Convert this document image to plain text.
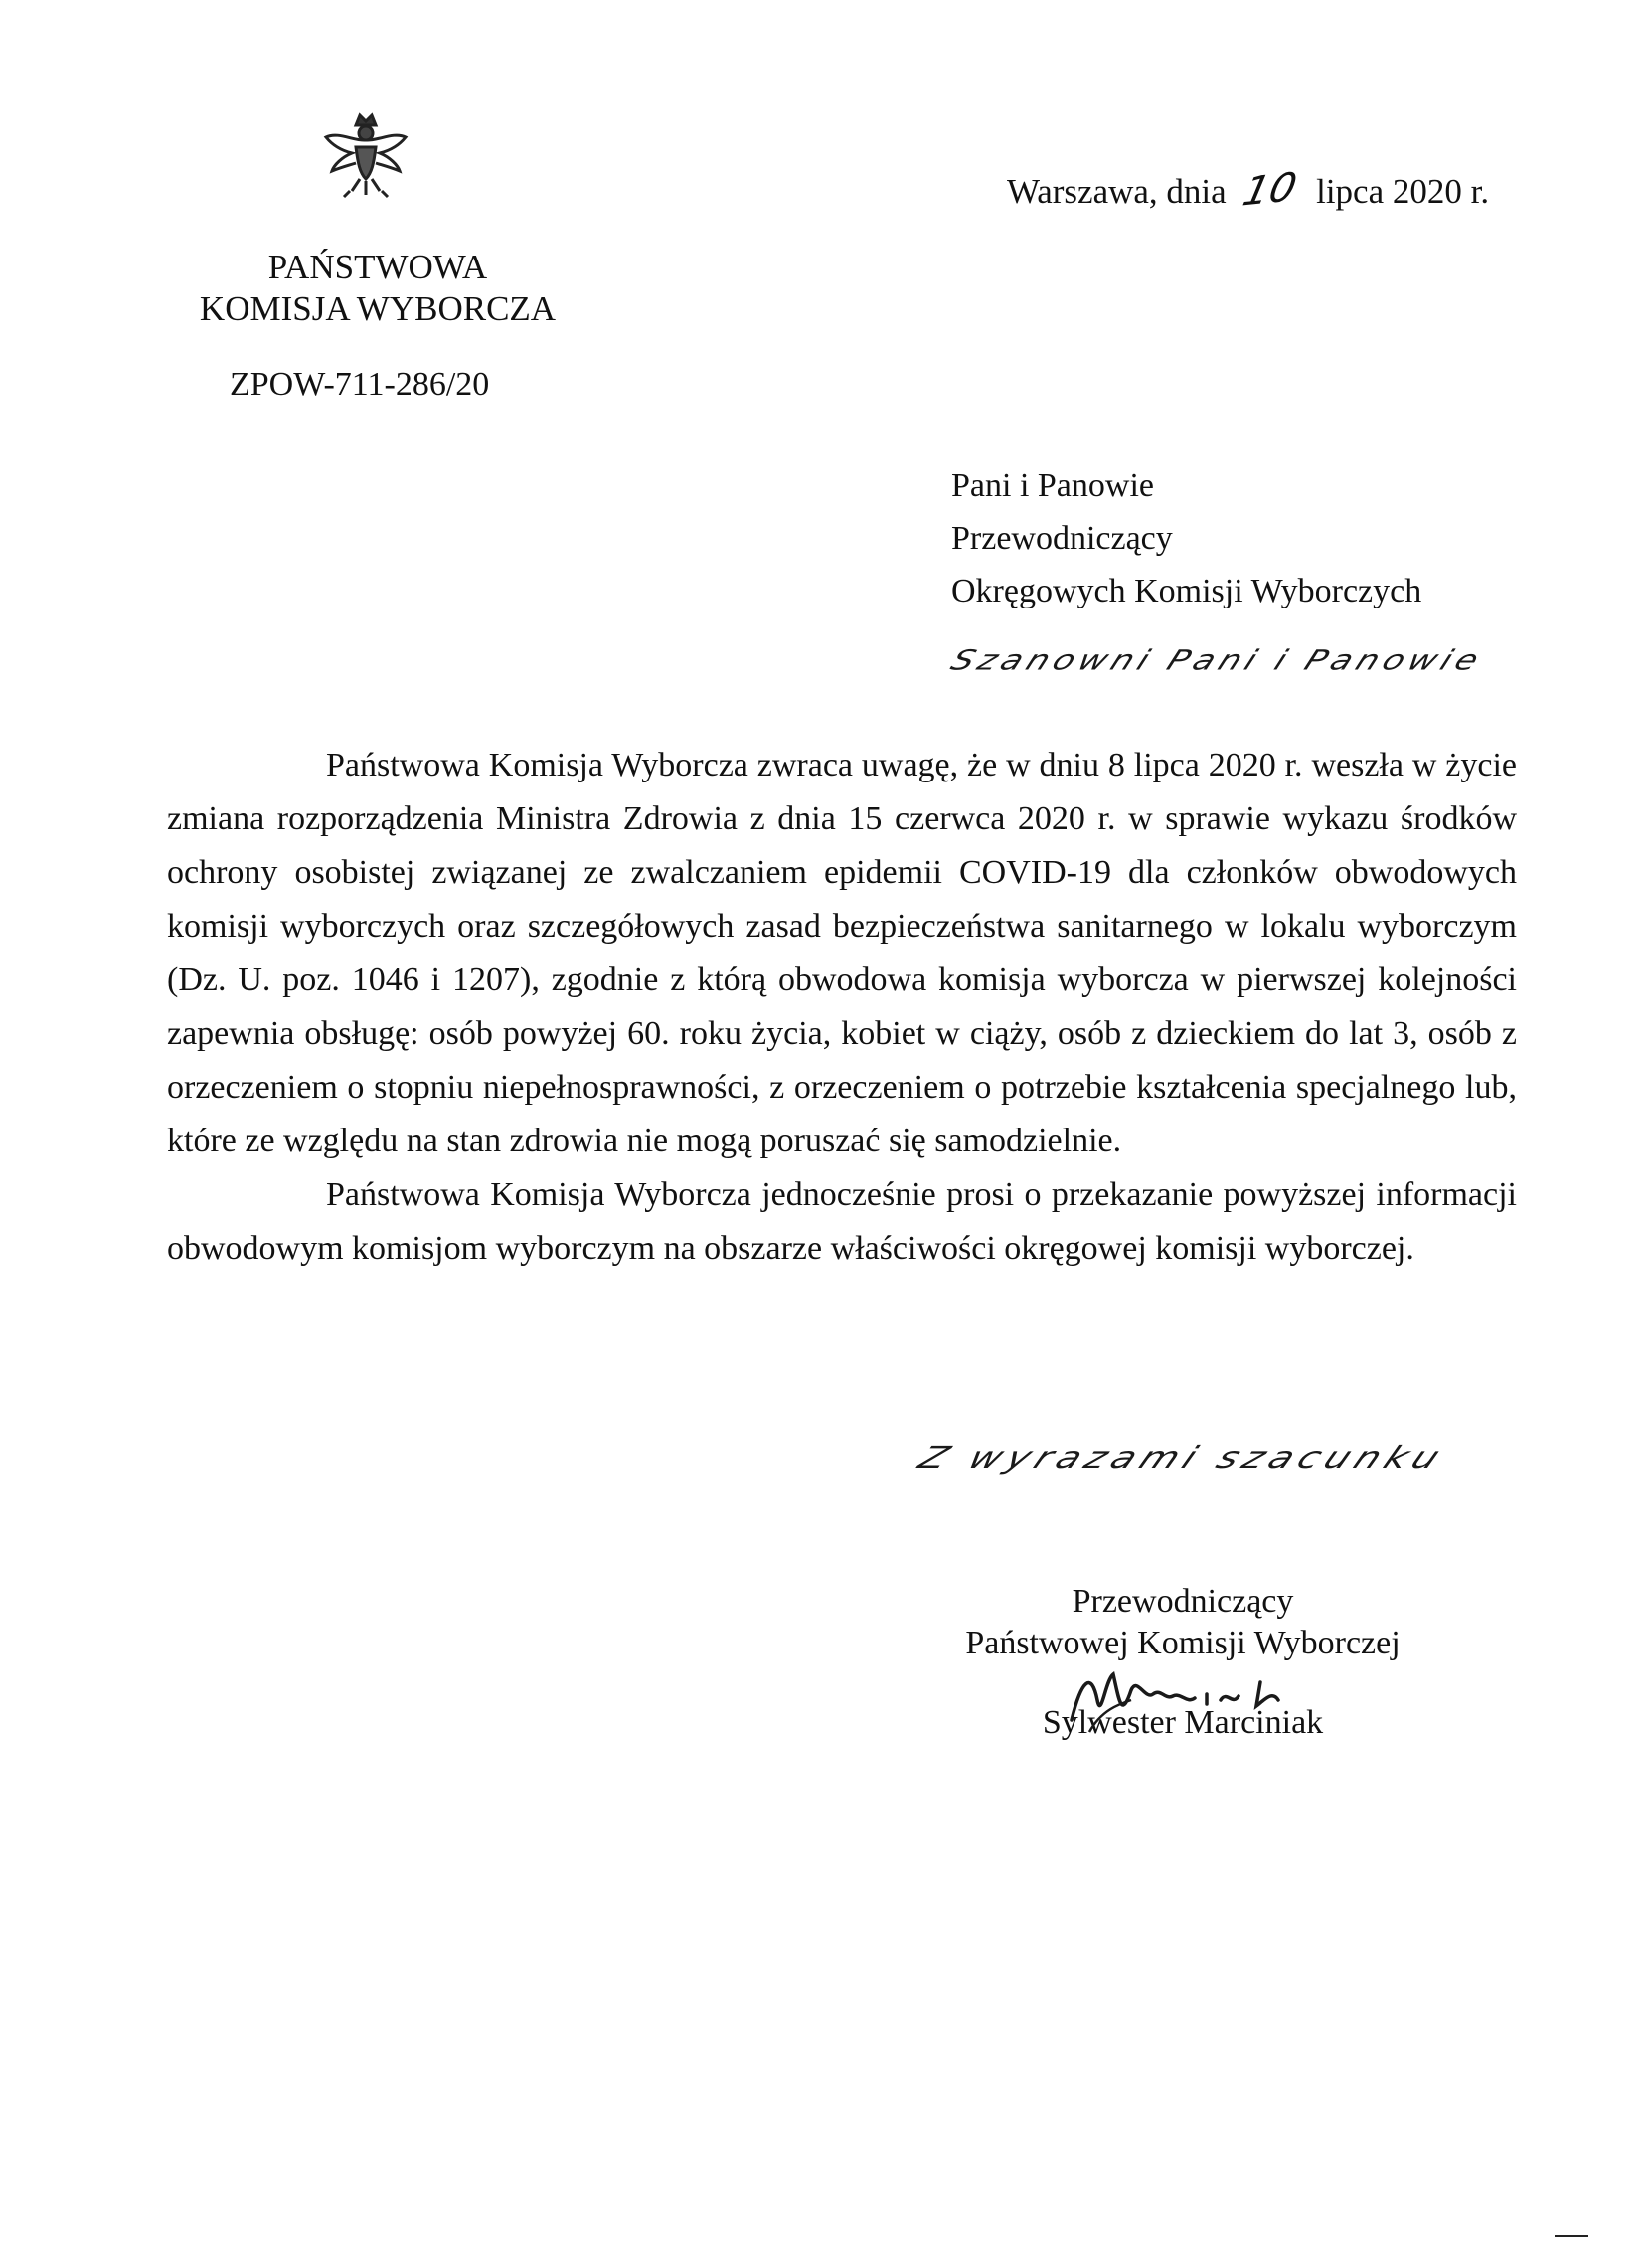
Warszawa, dnia 10 lipca 2020 r.
PAŃSTWOWA
KOMISJA WYBORCZA
ZPOW-711-286/20
Pani i Panowie
Przewodniczący
Okręgowych Komisji Wyborczych
Szanowni Pani i Panowie

Państwowa Komisja Wyborcza zwraca uwagę, że w dniu 8 lipca 2020 r. weszła w życie zmiana rozporządzenia Ministra Zdrowia z dnia 15 czerwca 2020 r. w sprawie wykazu środków ochrony osobistej związanej ze zwalczaniem epidemii COVID-19 dla członków obwodowych komisji wyborczych oraz szczegółowych zasad bezpieczeństwa sanitarnego w lokalu wyborczym (Dz. U. poz. 1046 i 1207), zgodnie z którą obwodowa komisja wyborcza w pierwszej kolejności zapewnia obsługę: osób powyżej 60. roku życia, kobiet w ciąży, osób z dzieckiem do lat 3, osób z orzeczeniem o stopniu niepełnosprawności, z orzeczeniem o potrzebie kształcenia specjalnego lub, które ze względu na stan zdrowia nie mogą poruszać się samodzielnie.

Państwowa Komisja Wyborcza jednocześnie prosi o przekazanie powyższej informacji obwodowym komisjom wyborczym na obszarze właściwości okręgowej komisji wyborczej.

Z wyrazami szacunku
Przewodniczący
Państwowej Komisji Wyborczej
Sylwester Marciniak
